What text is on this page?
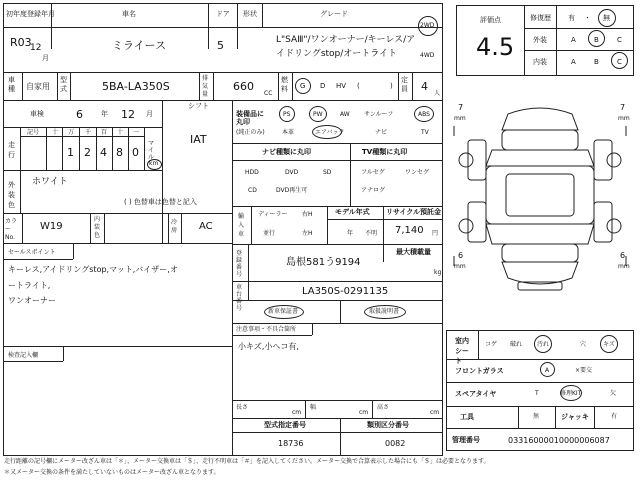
初年度登録年月	車名	ドア 形状	グレード
R03
12
月
ミライース	5	L"SAⅢ"/ワンオーナー/キーレス/ア
イドリングstop/オートライト
2WD
4WD
評価点
4.5
修復歴 有 ・ 無
外装	A	B	C
内装	A	B	C
車種 自家用
型式	5BA-LA350S
排気量
660
CC
燃料 G D HV (	)
定員 4
人
シフト
車検	6	年 12 月
IAT
走行
記号 十 万 千 百 十 一
1 2 4 8 0
マイル
km
外装色
ホワイト
( ) 色替車は色替と記入
カラーNo.
W19
内装色
冷房 AC
セールスポイント
キーレス,アイドリングstop,マット,バイザー,オ
ートライト,
ワンオーナー
検査記入欄
装備品に丸印
(純正のみ)
PS	PW	AW サンルーフ	ABS
本革	エアバック	ナビ	TV
ナビ種類に丸印	TV種類に丸印
HDD	DVD	SD
CD	DVD再生可
フルセグ	ワンセグ
アナログ
輸入車
ディーラー
並行
右H
左H
モデル年式
年 不明
リサイクル預託金
7,140 円
最大積載量
登録番号
島根581う9194
kg
車台番号
LA350S-0291135
新車保証書	取扱説明書
注意事項・不具合箇所
小キズ,小ヘコ有,
長さ
cm
幅
cm
高さ
cm
型式指定番号	類別区分番号
18736	0082
7	7
6	6
mm	mm
mm	mm
室内シート
コゲ 破れ 汚れ	穴	キズ
フロントガラス	A	×要交
スペアタイヤ	T	修理KIT	欠
工具	無	ジャッキ	有
管理番号	03316000010000006087
走行距離の記号欄にメーター改ざん車は「＊」、メーター交換車は「＄」、走行不明車は「＃」を記入してください。メーター交換で合算表示した場合にも「＄」は必要となります。
＊又メーター交換の条件を満たしていないものはメーター改ざん車となります。
